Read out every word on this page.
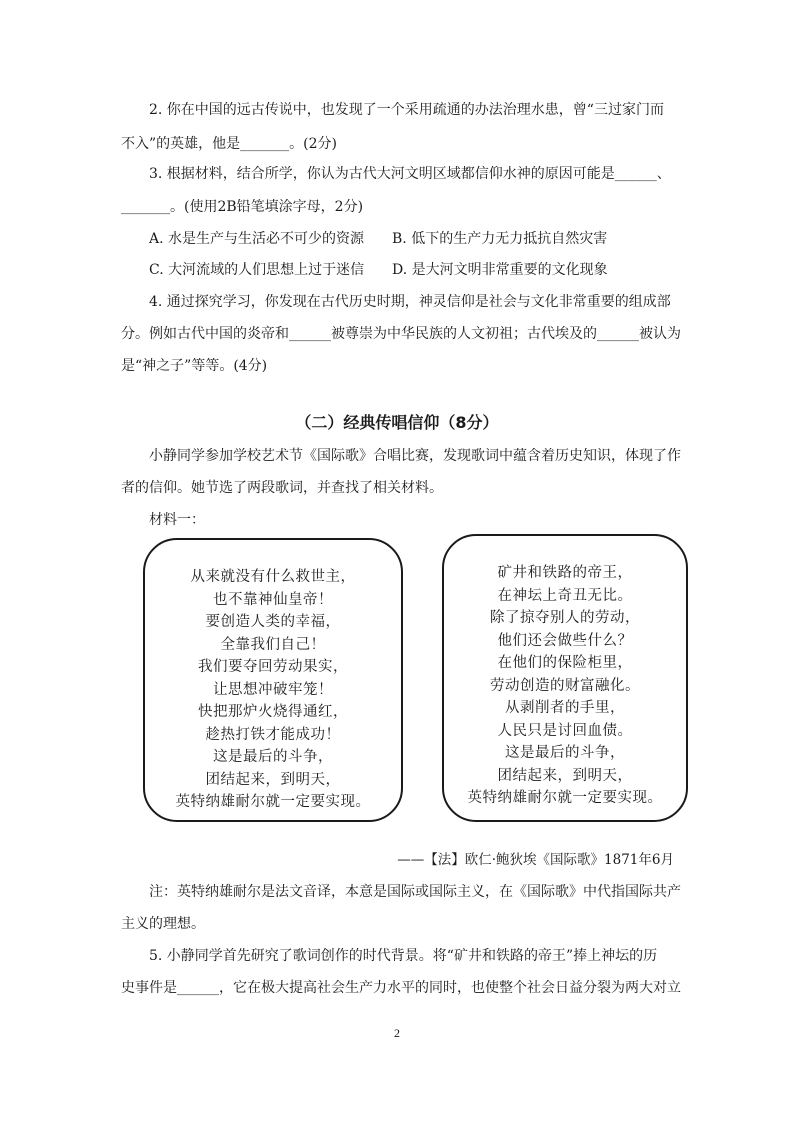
2. 你在中国的远古传说中，也发现了一个采用疏通的办法治理水患，曾“三过家门而
不入”的英雄，他是_______。(2分)
3. 根据材料，结合所学，你认为古代大河文明区域都信仰水神的原因可能是______、
_______。(使用2B铅笔填涂字母，2分)
A. 水是生产与生活必不可少的资源 B. 低下的生产力无力抵抗自然灾害
C. 大河流域的人们思想上过于迷信 D. 是大河文明非常重要的文化现象
4. 通过探究学习，你发现在古代历史时期，神灵信仰是社会与文化非常重要的组成部
分。例如古代中国的炎帝和______被尊崇为中华民族的人文初祖；古代埃及的______被认为
是“神之子”等等。(4分)
（二）经典传唱信仰（8分）
小静同学参加学校艺术节《国际歌》合唱比赛，发现歌词中蕴含着历史知识，体现了作
者的信仰。她节选了两段歌词，并查找了相关材料。
材料一：
从来就没有什么救世主，
也不靠神仙皇帝！
要创造人类的幸福，
全靠我们自己！
我们要夺回劳动果实，
让思想冲破牢笼！
快把那炉火烧得通红，
趁热打铁才能成功！
这是最后的斗争，
团结起来，到明天，
英特纳雄耐尔就一定要实现。
矿井和铁路的帝王，
在神坛上奇丑无比。
除了掠夺别人的劳动，
他们还会做些什么？
在他们的保险柜里，
劳动创造的财富融化。
从剥削者的手里，
人民只是讨回血债。
这是最后的斗争，
团结起来，到明天，
英特纳雄耐尔就一定要实现。
——【法】欧仁·鲍狄埃《国际歌》1871年6月
注：英特纳雄耐尔是法文音译，本意是国际或国际主义，在《国际歌》中代指国际共产
主义的理想。
5. 小静同学首先研究了歌词创作的时代背景。将“矿井和铁路的帝王”捧上神坛的历
史事件是______，它在极大提高社会生产力水平的同时，也使整个社会日益分裂为两大对立
2
